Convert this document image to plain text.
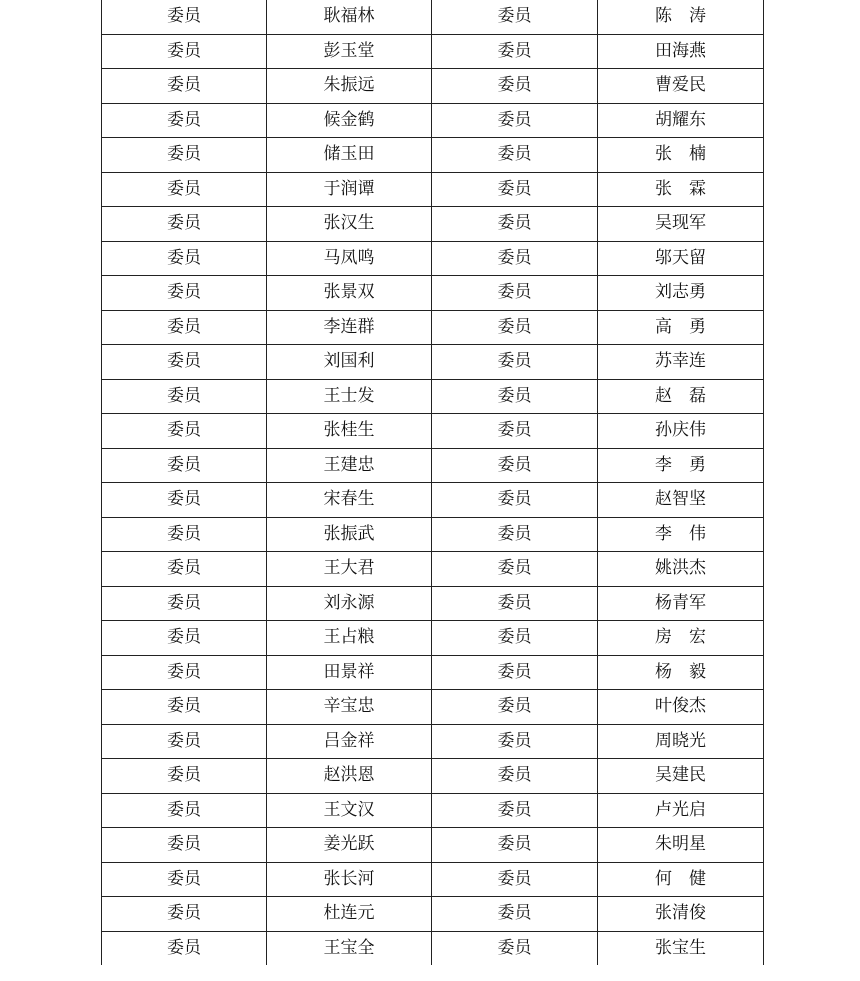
委员	耿福林	委员	陈　涛
委员	彭玉堂	委员	田海燕
委员	朱振远	委员	曹爱民
委员	候金鹤	委员	胡耀东
委员	储玉田	委员	张　楠
委员	于润谭	委员	张　霖
委员	张汉生	委员	吴现军
委员	马凤鸣	委员	邬天留
委员	张景双	委员	刘志勇
委员	李连群	委员	高　勇
委员	刘国利	委员	苏幸连
委员	王士发	委员	赵　磊
委员	张桂生	委员	孙庆伟
委员	王建忠	委员	李　勇
委员	宋春生	委员	赵智坚
委员	张振武	委员	李　伟
委员	王大君	委员	姚洪杰
委员	刘永源	委员	杨青军
委员	王占粮	委员	房　宏
委员	田景祥	委员	杨　毅
委员	辛宝忠	委员	叶俊杰
委员	吕金祥	委员	周晓光
委员	赵洪恩	委员	吴建民
委员	王文汉	委员	卢光启
委员	姜光跃	委员	朱明星
委员	张长河	委员	何　健
委员	杜连元	委员	张清俊
委员	王宝全	委员	张宝生
